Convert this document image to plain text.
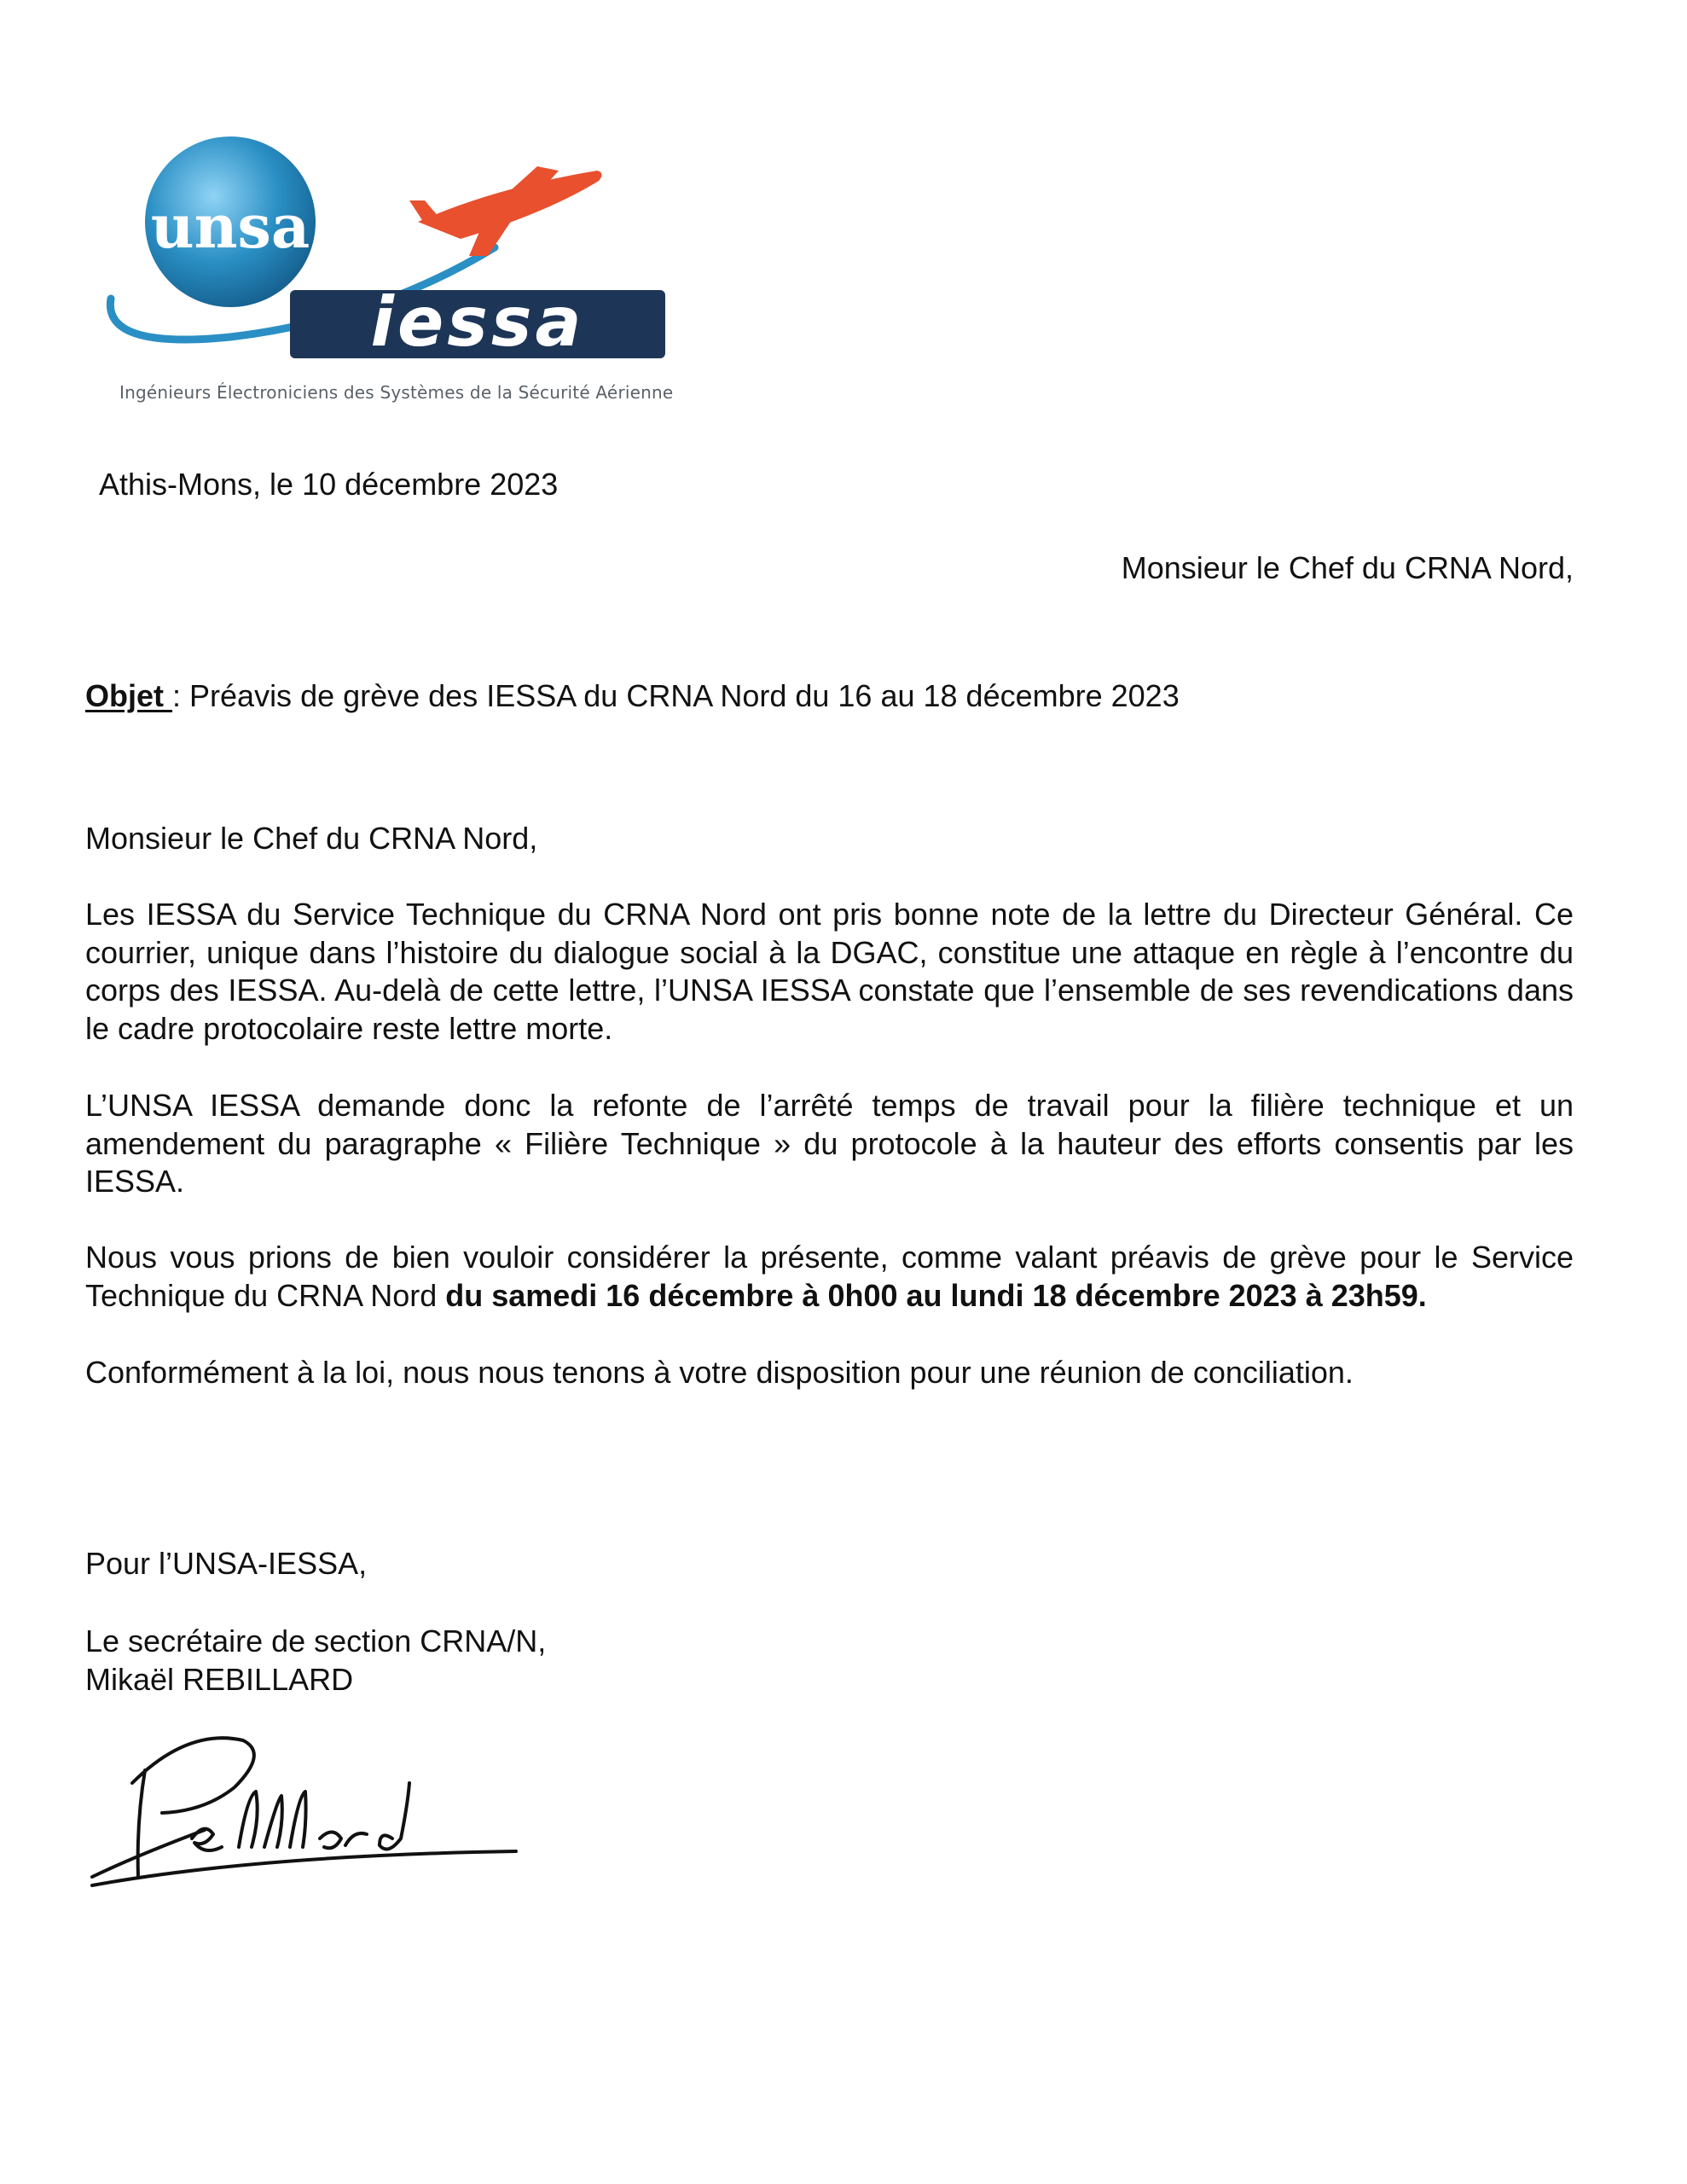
unsa
iessa
Ingénieurs Électroniciens des Systèmes de la Sécurité Aérienne
Athis-Mons, le 10 décembre 2023
Monsieur le Chef du CRNA Nord,
Objet : Préavis de grève des IESSA du CRNA Nord du 16 au 18 décembre 2023
Monsieur le Chef du CRNA Nord,
Les IESSA du Service Technique du CRNA Nord ont pris bonne note de la lettre du Directeur Général. Ce courrier, unique dans l’histoire du dialogue social à la DGAC, constitue une attaque en règle à l’encontre du corps des IESSA. Au-delà de cette lettre, l’UNSA IESSA constate que l’ensemble de ses revendications dans le cadre protocolaire reste lettre morte.
L’UNSA IESSA demande donc la refonte de l’arrêté temps de travail pour la filière technique et un amendement du paragraphe « Filière Technique » du protocole à la hauteur des efforts consentis par les IESSA.
Nous vous prions de bien vouloir considérer la présente, comme valant préavis de grève pour le Service Technique du CRNA Nord du samedi 16 décembre à 0h00 au lundi 18 décembre 2023 à 23h59.
Conformément à la loi, nous nous tenons à votre disposition pour une réunion de conciliation.
Pour l’UNSA-IESSA,
Le secrétaire de section CRNA/N,
Mikaël REBILLARD
